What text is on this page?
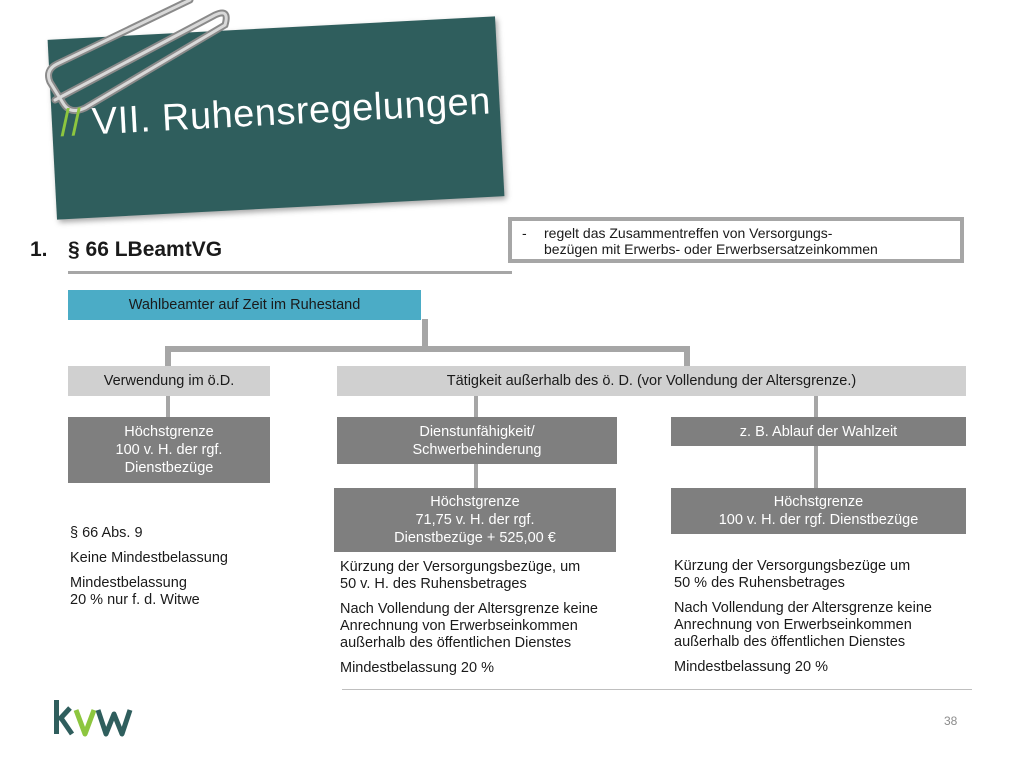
// VII. Ruhensregelungen
1. § 66 LBeamtVG
- regelt das Zusammentreffen von Versorgungs-
bezügen mit Erwerbs- oder Erwerbsersatzeinkommen
Wahlbeamter auf Zeit im Ruhestand
Verwendung im ö.D.	Tätigkeit außerhalb des ö. D. (vor Vollendung der Altersgrenze.)
Höchstgrenze
100 v. H. der rgf.
Dienstbezüge
Dienstunfähigkeit/
Schwerbehinderung
z. B. Ablauf der Wahlzeit
Höchstgrenze
71,75 v. H. der rgf.
Dienstbezüge + 525,00 €
Höchstgrenze
100 v. H. der rgf. Dienstbezüge

§ 66 Abs. 9

Keine Mindestbelassung

Mindestbelassung

20 % nur f. d. Witwe

Kürzung der Versorgungsbezüge, um

50 v. H. des Ruhensbetrages

Nach Vollendung der Altersgrenze keine

Anrechnung von Erwerbseinkommen

außerhalb des öffentlichen Dienstes

Mindestbelassung 20 %

Kürzung der Versorgungsbezüge um

50 % des Ruhensbetrages

Nach Vollendung der Altersgrenze keine

Anrechnung von Erwerbseinkommen

außerhalb des öffentlichen Dienstes

Mindestbelassung 20 %

38
